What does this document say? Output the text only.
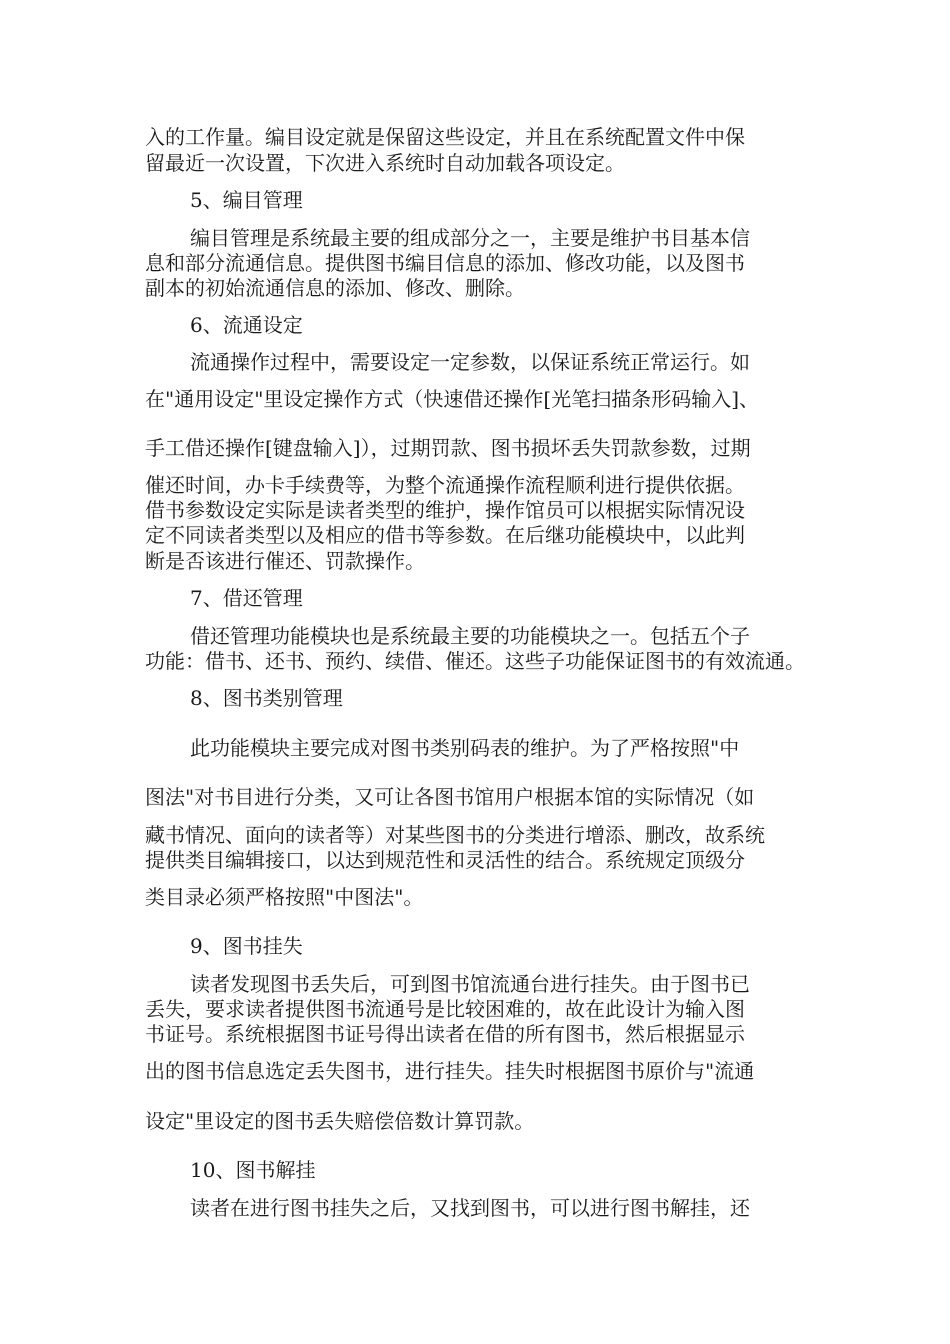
入的工作量。编目设定就是保留这些设定，并且在系统配置文件中保
留最近一次设置，下次进入系统时自动加载各项设定。
5、编目管理
编目管理是系统最主要的组成部分之一，主要是维护书目基本信
息和部分流通信息。提供图书编目信息的添加、修改功能，以及图书
副本的初始流通信息的添加、修改、删除。
6、流通设定
流通操作过程中，需要设定一定参数，以保证系统正常运行。如
在"通用设定"里设定操作方式（快速借还操作[光笔扫描条形码输入]、
手工借还操作[键盘输入]），过期罚款、图书损坏丢失罚款参数，过期
催还时间，办卡手续费等，为整个流通操作流程顺利进行提供依据。
借书参数设定实际是读者类型的维护，操作馆员可以根据实际情况设
定不同读者类型以及相应的借书等参数。在后继功能模块中，以此判
断是否该进行催还、罚款操作。
7、借还管理
借还管理功能模块也是系统最主要的功能模块之一。包括五个子
功能：借书、还书、预约、续借、催还。这些子功能保证图书的有效流通。
8、图书类别管理
此功能模块主要完成对图书类别码表的维护。为了严格按照"中
图法"对书目进行分类，又可让各图书馆用户根据本馆的实际情况（如
藏书情况、面向的读者等）对某些图书的分类进行增添、删改，故系统
提供类目编辑接口，以达到规范性和灵活性的结合。系统规定顶级分
类目录必须严格按照"中图法"。
9、图书挂失
读者发现图书丢失后，可到图书馆流通台进行挂失。由于图书已
丢失，要求读者提供图书流通号是比较困难的，故在此设计为输入图
书证号。系统根据图书证号得出读者在借的所有图书，然后根据显示
出的图书信息选定丢失图书，进行挂失。挂失时根据图书原价与"流通
设定"里设定的图书丢失赔偿倍数计算罚款。
10、图书解挂
读者在进行图书挂失之后，又找到图书，可以进行图书解挂，还
